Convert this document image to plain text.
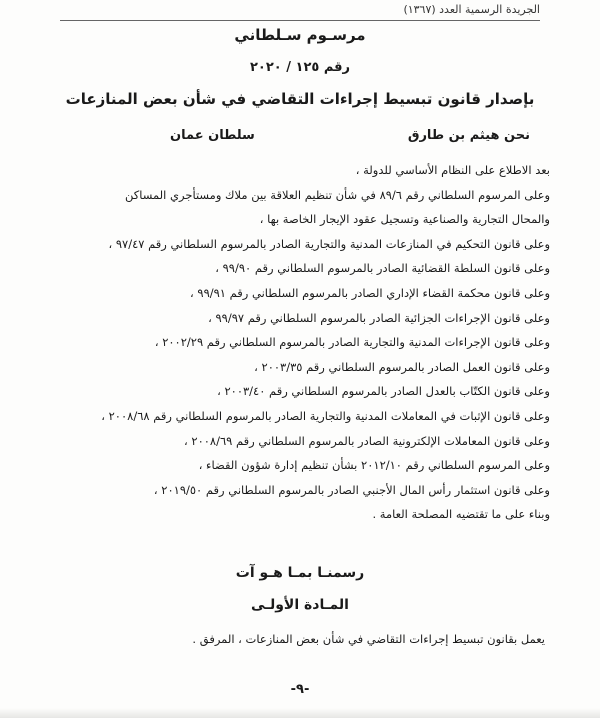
الجريدة الرسمية العدد (١٣٦٧)
مرسـوم سـلطاني
رقم ١٢٥ / ٢٠٢٠
بإصدار قانون تبسيط إجراءات التقاضي في شأن بعض المنازعات
نحن هيثم بن طارق
سلطان عمان
بعد الاطلاع على النظام الأساسي للدولة ،
وعلى المرسوم السلطاني رقم ٨٩/٦ في شأن تنظيم العلاقة بين ملاك ومستأجري المساكن
والمحال التجارية والصناعية وتسجيل عقود الإيجار الخاصة بها ،
وعلى قانون التحكيم في المنازعات المدنية والتجارية الصادر بالمرسوم السلطاني رقم ٩٧/٤٧ ،
وعلى قانون السلطة القضائية الصادر بالمرسوم السلطاني رقم ٩٩/٩٠ ،
وعلى قانون محكمة القضاء الإداري الصادر بالمرسوم السلطاني رقم ٩٩/٩١ ،
وعلى قانون الإجراءات الجزائية الصادر بالمرسوم السلطاني رقم ٩٩/٩٧ ،
وعلى قانون الإجراءات المدنية والتجارية الصادر بالمرسوم السلطاني رقم ٢٠٠٢/٢٩ ،
وعلى قانون العمل الصادر بالمرسوم السلطاني رقم ٢٠٠٣/٣٥ ،
وعلى قانون الكتّاب بالعدل الصادر بالمرسوم السلطاني رقم ٢٠٠٣/٤٠ ،
وعلى قانون الإثبات في المعاملات المدنية والتجارية الصادر بالمرسوم السلطاني رقم ٢٠٠٨/٦٨ ،
وعلى قانون المعاملات الإلكترونية الصادر بالمرسوم السلطاني رقم ٢٠٠٨/٦٩ ،
وعلى المرسوم السلطاني رقم ٢٠١٢/١٠ بشأن تنظيم إدارة شؤون القضاء ،
وعلى قانون استثمار رأس المال الأجنبي الصادر بالمرسوم السلطاني رقم ٢٠١٩/٥٠ ،
وبناء على ما تقتضيه المصلحة العامة .
رسمنـا بمـا هـو آت
المـادة الأولـى
يعمل بقانون تبسيط إجراءات التقاضي في شأن بعض المنازعات ، المرفق .
-٩-
